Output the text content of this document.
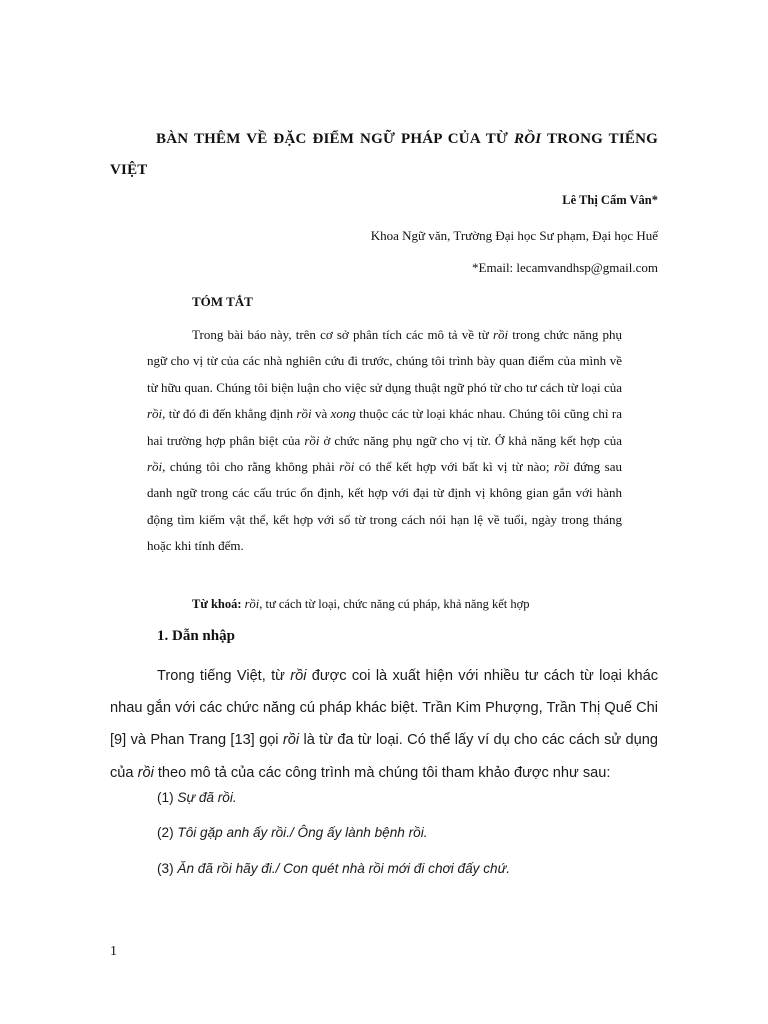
BÀN THÊM VỀ ĐẶC ĐIỂM NGỮ PHÁP CỦA TỪ RỒI TRONG TIẾNG VIỆT
Lê Thị Cẩm Vân*
Khoa Ngữ văn, Trường Đại học Sư phạm, Đại học Huế
*Email: lecamvandhsp@gmail.com
TÓM TẮT

Trong bài báo này, trên cơ sở phân tích các mô tả về từ rồi trong chức năng phụ ngữ cho vị từ của các nhà nghiên cứu đi trước, chúng tôi trình bày quan điểm của mình về từ hữu quan. Chúng tôi biện luận cho việc sử dụng thuật ngữ phó từ cho tư cách từ loại của rồi, từ đó đi đến khẳng định rồi và xong thuộc các từ loại khác nhau. Chúng tôi cũng chỉ ra hai trường hợp phân biệt của rồi ở chức năng phụ ngữ cho vị từ. Ở khả năng kết hợp của rồi, chúng tôi cho rằng không phải rồi có thể kết hợp với bất kì vị từ nào; rồi đứng sau danh ngữ trong các cấu trúc ổn định, kết hợp với đại từ định vị không gian gắn với hành động tìm kiếm vật thể, kết hợp với số từ trong cách nói hạn lệ về tuổi, ngày trong tháng hoặc khi tính đếm.

Từ khoá: rồi, tư cách từ loại, chức năng cú pháp, khả năng kết hợp
1. Dẫn nhập

Trong tiếng Việt, từ rồi được coi là xuất hiện với nhiều tư cách từ loại khác nhau gắn với các chức năng cú pháp khác biệt. Trần Kim Phượng, Trần Thị Quế Chi [9] và Phan Trang [13] gọi rồi là từ đa từ loại. Có thể lấy ví dụ cho các cách sử dụng của rồi theo mô tả của các công trình mà chúng tôi tham khảo được như sau:

(1) Sự đã rồi.
(2) Tôi gặp anh ấy rồi./ Ông ấy lành bệnh rồi.
(3) Ăn đã rồi hãy đi./ Con quét nhà rồi mới đi chơi đấy chứ.
1
